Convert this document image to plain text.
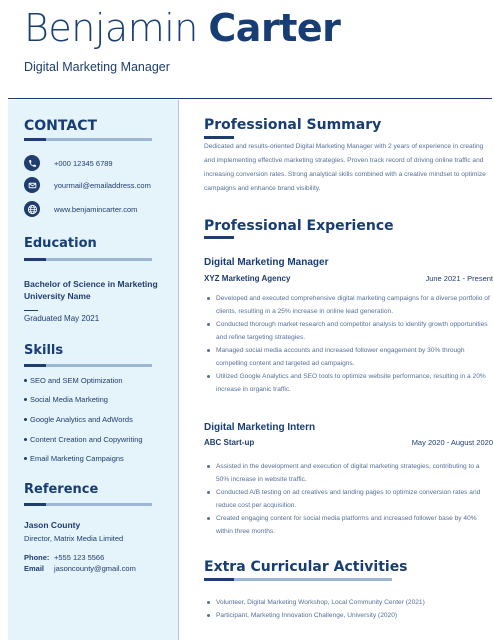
Benjamin Carter
Digital Marketing Manager
CONTACT
+000 12345 6789
yourmail@emailaddress.com
www.benjamincarter.com
Education
Bachelor of Science in Marketing University Name
Graduated May 2021
Skills
SEO and SEM Optimization
Social Media Marketing
Google Analytics and AdWords
Content Creation and Copywriting
Email Marketing Campaigns
Reference
Jason County
Director, Matrix Media Limited
Phone: +555 123 5566
Email jasoncounty@gmail.com
Professional Summary
Dedicated and results-oriented Digital Marketing Manager with 2 years of experience in creating and implementing effective marketing strategies. Proven track record of driving online traffic and increasing conversion rates. Strong analytical skills combined with a creative mindset to optimize campaigns and enhance brand visibility.
Professional Experience
Digital Marketing Manager
XYZ Marketing Agency	June 2021 - Present
Developed and executed comprehensive digital marketing campaigns for a diverse portfolio of clients, resulting in a 25% increase in online lead generation.
Conducted thorough market research and competitor analysis to identify growth opportunities and refine targeting strategies.
Managed social media accounts and increased follower engagement by 30% through compelling content and targeted ad campaigns.
Utilized Google Analytics and SEO tools to optimize website performance, resulting in a 20% increase in organic traffic.
Digital Marketing Intern
ABC Start-up	May 2020 - August 2020
Assisted in the development and execution of digital marketing strategies, contributing to a 50% increase in website traffic.
Conducted A/B testing on ad creatives and landing pages to optimize conversion rates and reduce cost per acquisition.
Created engaging content for social media platforms and increased follower base by 40% within three months.
Extra Curricular Activities
Volunteer, Digital Marketing Workshop, Local Community Center (2021)
Participant, Marketing Innovation Challenge, University (2020)
